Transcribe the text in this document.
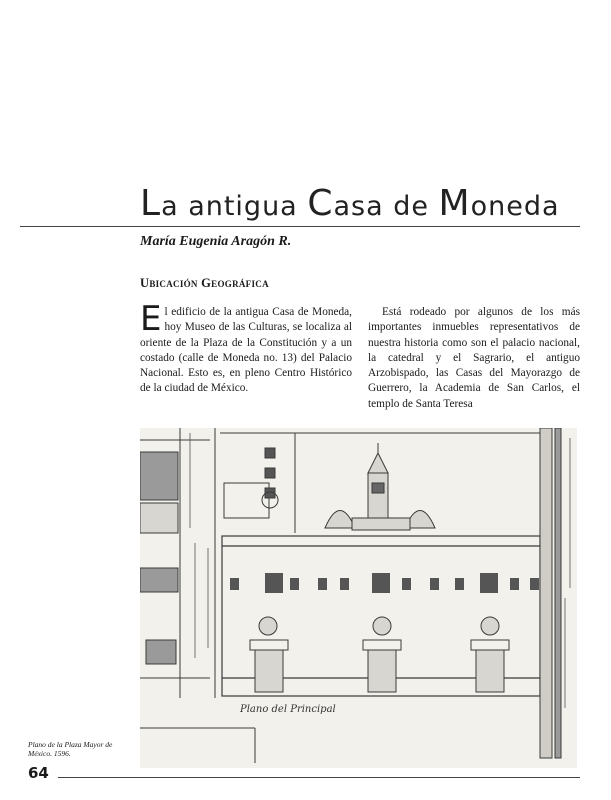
La antigua Casa de Moneda
María Eugenia Aragón R.
Ubicación Geográfica
El edificio de la antigua Casa de Moneda, hoy Museo de las Culturas, se localiza al oriente de la Plaza de la Constitución y a un costado (calle de Moneda no. 13) del Palacio Nacional. Esto es, en pleno Centro Histórico de la ciudad de México.
Está rodeado por algunos de los más importantes inmuebles representativos de nuestra historia como son el palacio nacional, la catedral y el Sagrario, el antiguo Arzobispado, las Casas del Mayorazgo de Guerrero, la Academia de San Carlos, el templo de Santa Teresa
Plano del Principal
Plano de la Plaza Mayor de México. 1596.
64
